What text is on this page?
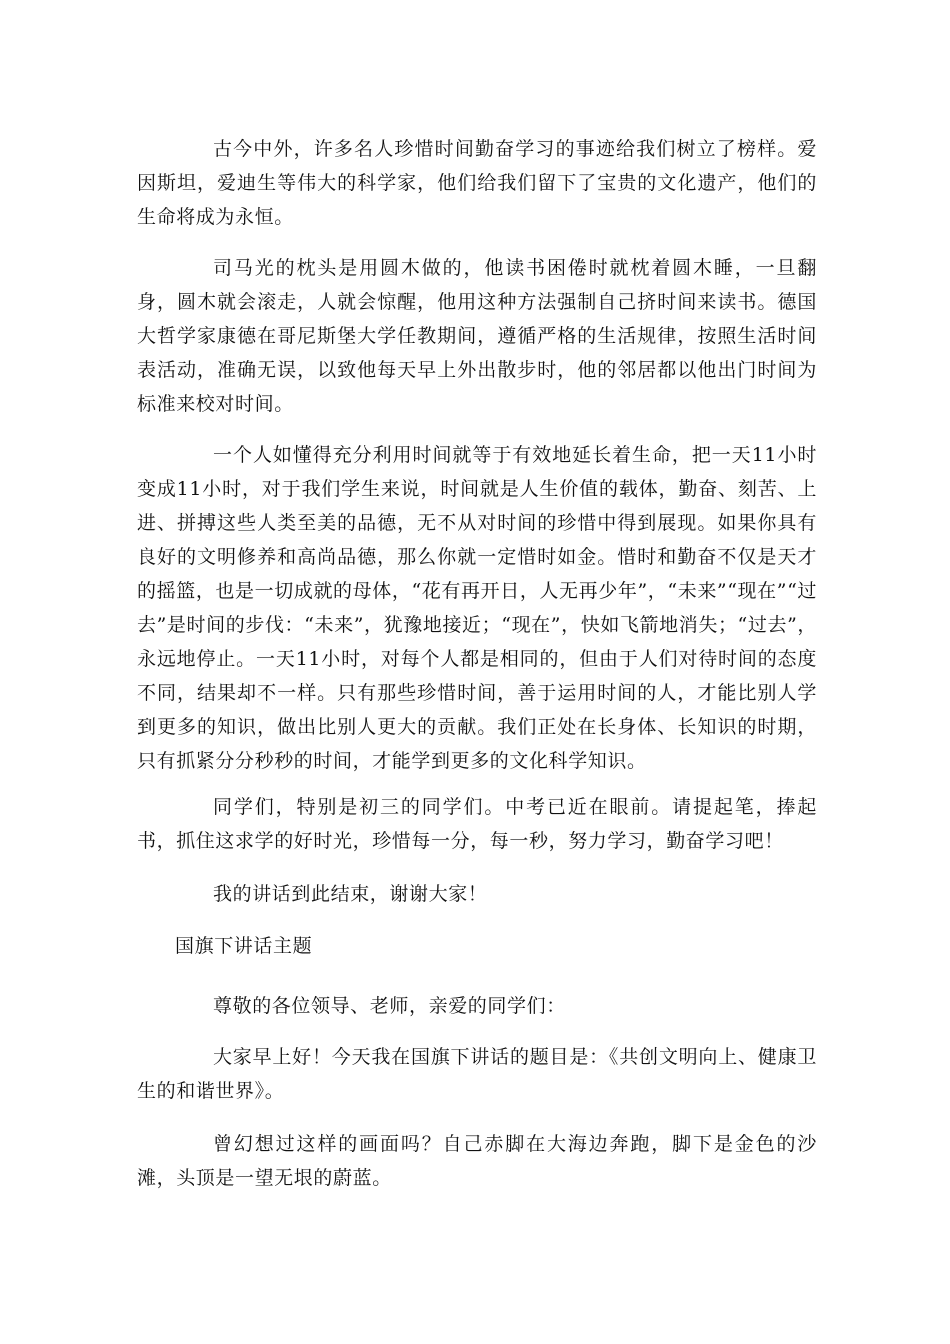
古今中外，许多名人珍惜时间勤奋学习的事迹给我们树立了榜样。爱因斯坦，爱迪生等伟大的科学家，他们给我们留下了宝贵的文化遗产，他们的生命将成为永恒。

司马光的枕头是用圆木做的，他读书困倦时就枕着圆木睡，一旦翻身，圆木就会滚走，人就会惊醒，他用这种方法强制自己挤时间来读书。德国大哲学家康德在哥尼斯堡大学任教期间，遵循严格的生活规律，按照生活时间表活动，准确无误，以致他每天早上外出散步时，他的邻居都以他出门时间为标准来校对时间。

一个人如懂得充分利用时间就等于有效地延长着生命，把一天11小时变成11小时，对于我们学生来说，时间就是人生价值的载体，勤奋、刻苦、上进、拼搏这些人类至美的品德，无不从对时间的珍惜中得到展现。如果你具有良好的文明修养和高尚品德，那么你就一定惜时如金。惜时和勤奋不仅是天才的摇篮，也是一切成就的母体，“花有再开日，人无再少年”，“未来”“现在”“过去”是时间的步伐：“未来”，犹豫地接近；“现在”，快如飞箭地消失；“过去”，永远地停止。一天11小时，对每个人都是相同的，但由于人们对待时间的态度不同，结果却不一样。只有那些珍惜时间，善于运用时间的人，才能比别人学到更多的知识，做出比别人更大的贡献。我们正处在长身体、长知识的时期，只有抓紧分分秒秒的时间，才能学到更多的文化科学知识。

同学们，特别是初三的同学们。中考已近在眼前。请提起笔，捧起书，抓住这求学的好时光，珍惜每一分，每一秒，努力学习，勤奋学习吧！

我的讲话到此结束，谢谢大家！

国旗下讲话主题

尊敬的各位领导、老师，亲爱的同学们：

大家早上好！今天我在国旗下讲话的题目是：《共创文明向上、健康卫生的和谐世界》。

曾幻想过这样的画面吗？自己赤脚在大海边奔跑，脚下是金色的沙滩，头顶是一望无垠的蔚蓝。
